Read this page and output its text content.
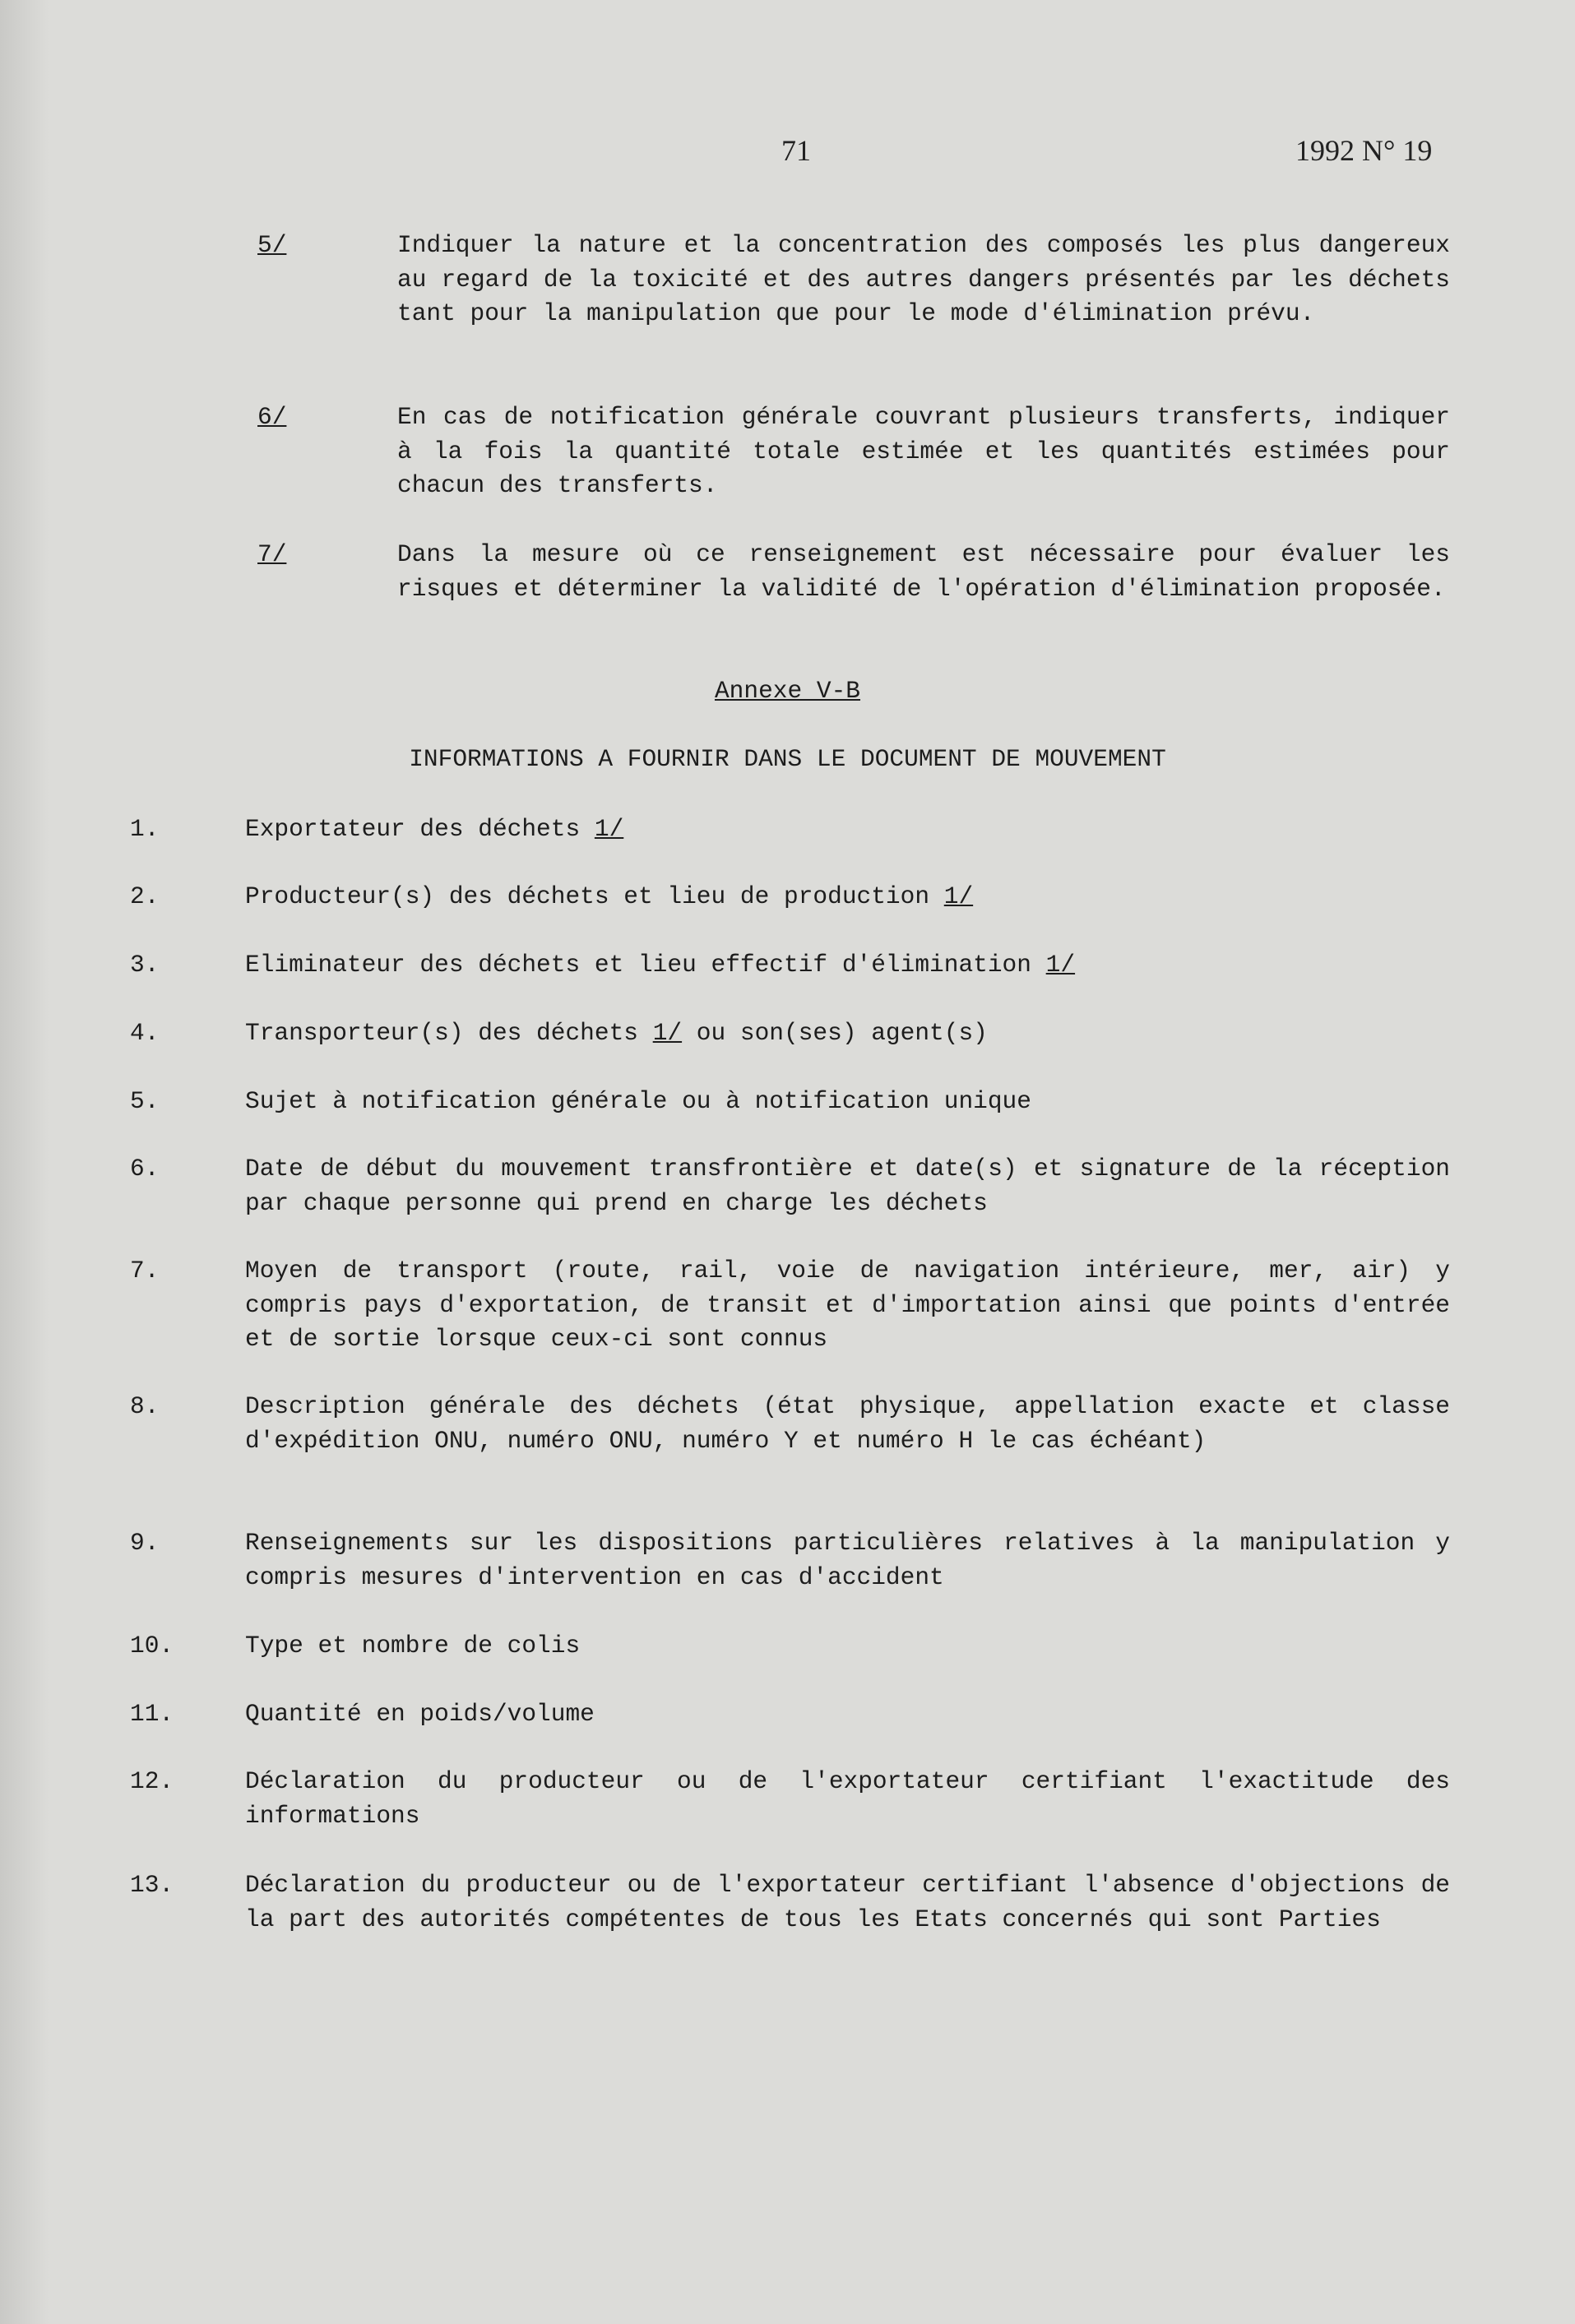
71	1992 N° 19
5/	Indiquer la nature et la concentration des composés les plus dangereux au regard de la toxicité et des autres dangers présentés par les déchets tant pour la manipulation que pour le mode d'élimination prévu.
6/	En cas de notification générale couvrant plusieurs transferts, indiquer à la fois la quantité totale estimée et les quantités estimées pour chacun des transferts.
7/	Dans la mesure où ce renseignement est nécessaire pour évaluer les risques et déterminer la validité de l'opération d'élimination proposée.
Annexe V-B
INFORMATIONS A FOURNIR DANS LE DOCUMENT DE MOUVEMENT
1.	Exportateur des déchets 1/
2.	Producteur(s) des déchets et lieu de production 1/
3.	Eliminateur des déchets et lieu effectif d'élimination 1/
4.	Transporteur(s) des déchets 1/ ou son(ses) agent(s)
5.	Sujet à notification générale ou à notification unique
6.	Date de début du mouvement transfrontière et date(s) et signature de la réception par chaque personne qui prend en charge les déchets
7.	Moyen de transport (route, rail, voie de navigation intérieure, mer, air) y compris pays d'exportation, de transit et d'importation ainsi que points d'entrée et de sortie lorsque ceux-ci sont connus
8.	Description générale des déchets (état physique, appellation exacte et classe d'expédition ONU, numéro ONU, numéro Y et numéro H le cas échéant)
9.	Renseignements sur les dispositions particulières relatives à la manipulation y compris mesures d'intervention en cas d'accident
10.	Type et nombre de colis
11.	Quantité en poids/volume
12.	Déclaration du producteur ou de l'exportateur certifiant l'exactitude des informations
13.	Déclaration du producteur ou de l'exportateur certifiant l'absence d'objections de la part des autorités compétentes de tous les Etats concernés qui sont Parties
